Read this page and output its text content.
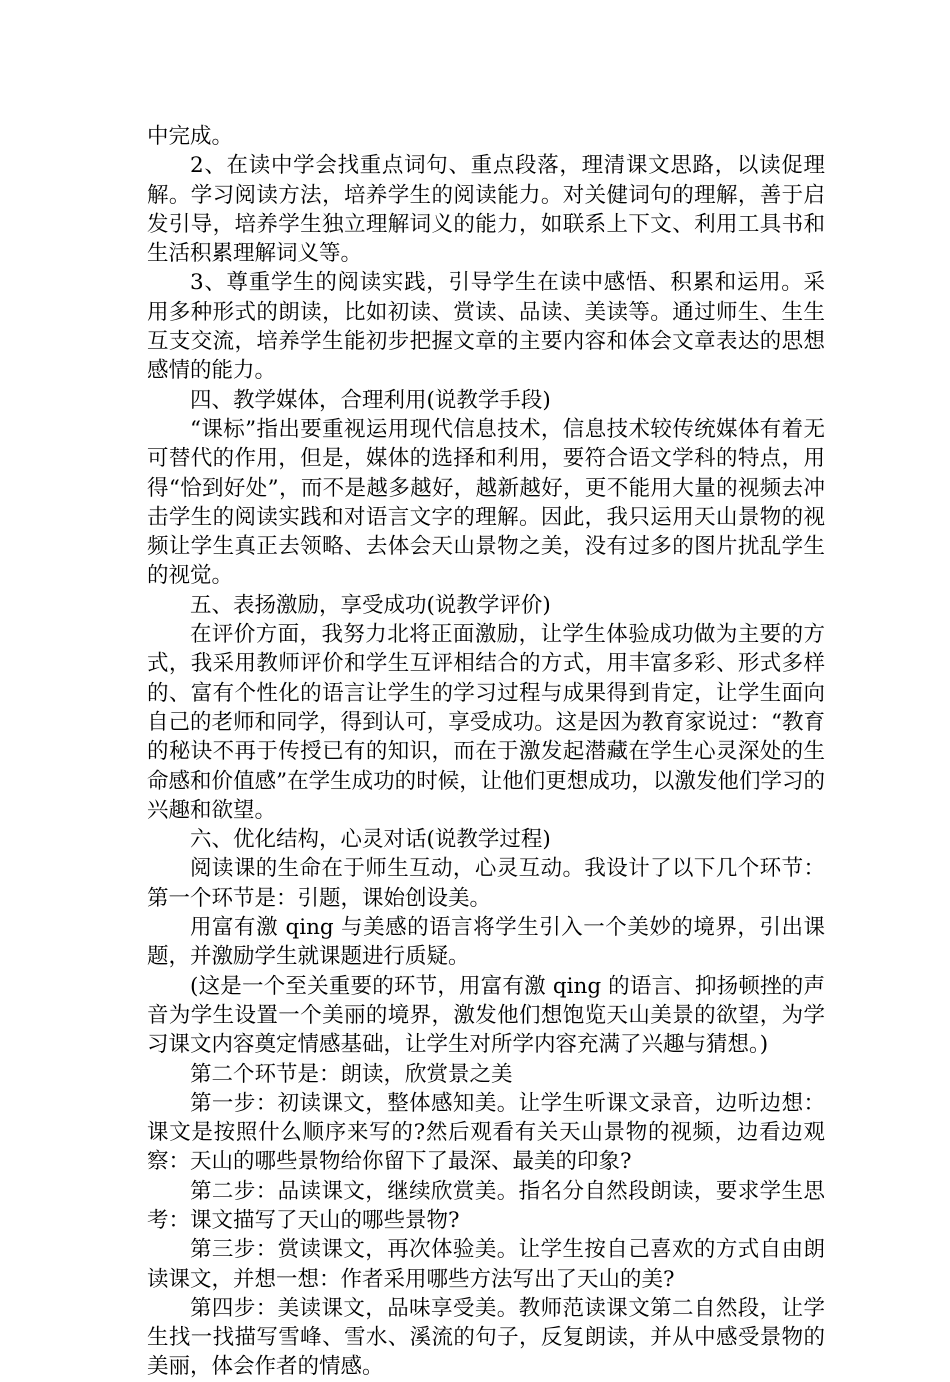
中完成。

2、在读中学会找重点词句、重点段落，理清课文思路，以读促理解。学习阅读方法，培养学生的阅读能力。对关健词句的理解，善于启发引导，培养学生独立理解词义的能力，如联系上下文、利用工具书和生活积累理解词义等。

3、尊重学生的阅读实践，引导学生在读中感悟、积累和运用。采用多种形式的朗读，比如初读、赏读、品读、美读等。通过师生、生生互支交流，培养学生能初步把握文章的主要内容和体会文章表达的思想感情的能力。

四、教学媒体，合理利用(说教学手段)

“课标”指出要重视运用现代信息技术，信息技术较传统媒体有着无可替代的作用，但是，媒体的选择和利用，要符合语文学科的特点，用得“恰到好处”，而不是越多越好，越新越好，更不能用大量的视频去冲击学生的阅读实践和对语言文字的理解。因此，我只运用天山景物的视频让学生真正去领略、去体会天山景物之美，没有过多的图片扰乱学生的视觉。

五、表扬激励，享受成功(说教学评价)

在评价方面，我努力北将正面激励，让学生体验成功做为主要的方式，我采用教师评价和学生互评相结合的方式，用丰富多彩、形式多样的、富有个性化的语言让学生的学习过程与成果得到肯定，让学生面向自己的老师和同学，得到认可，享受成功。这是因为教育家说过：“教育的秘诀不再于传授已有的知识，而在于激发起潜藏在学生心灵深处的生命感和价值感”在学生成功的时候，让他们更想成功，以激发他们学习的兴趣和欲望。

六、优化结构，心灵对话(说教学过程)

阅读课的生命在于师生互动，心灵互动。我设计了以下几个环节：第一个环节是：引题，课始创设美。

用富有激 qing 与美感的语言将学生引入一个美妙的境界，引出课题，并激励学生就课题进行质疑。

(这是一个至关重要的环节，用富有激 qing 的语言、抑扬顿挫的声音为学生设置一个美丽的境界，激发他们想饱览天山美景的欲望，为学习课文内容奠定情感基础，让学生对所学内容充满了兴趣与猜想。)

第二个环节是：朗读，欣赏景之美

第一步：初读课文，整体感知美。让学生听课文录音，边听边想：课文是按照什么顺序来写的?然后观看有关天山景物的视频，边看边观察：天山的哪些景物给你留下了最深、最美的印象?

第二步：品读课文，继续欣赏美。指名分自然段朗读，要求学生思考：课文描写了天山的哪些景物?

第三步：赏读课文，再次体验美。让学生按自己喜欢的方式自由朗读课文，并想一想：作者采用哪些方法写出了天山的美?

第四步：美读课文，品味享受美。教师范读课文第二自然段，让学生找一找描写雪峰、雪水、溪流的句子，反复朗读，并从中感受景物的美丽，体会作者的情感。
